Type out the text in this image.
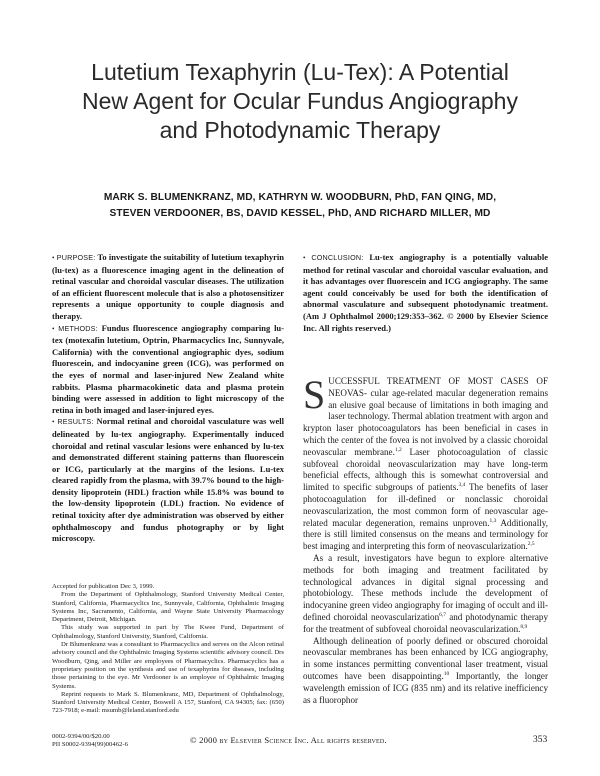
Lutetium Texaphyrin (Lu-Tex): A Potential
New Agent for Ocular Fundus Angiography
and Photodynamic Therapy
MARK S. BLUMENKRANZ, MD, KATHRYN W. WOODBURN, PhD, FAN QING, MD,
STEVEN VERDOONER, BS, DAVID KESSEL, PhD, AND RICHARD MILLER, MD

• PURPOSE: To investigate the suitability of lutetium texaphyrin (lu-tex) as a fluorescence imaging agent in the delineation of retinal vascular and choroidal vascular diseases. The utilization of an efficient fluorescent molecule that is also a photosensitizer represents a unique opportunity to couple diagnosis and therapy.

• METHODS: Fundus fluorescence angiography comparing lu-tex (motexafin lutetium, Optrin, Pharmacyclics Inc, Sunnyvale, California) with the conventional angiographic dyes, sodium fluorescein, and indocyanine green (ICG), was performed on the eyes of normal and laser-injured New Zealand white rabbits. Plasma pharmacokinetic data and plasma protein binding were assessed in addition to light microscopy of the retina in both imaged and laser-injured eyes.

• RESULTS: Normal retinal and choroidal vasculature was well delineated by lu-tex angiography. Experimentally induced choroidal and retinal vascular lesions were enhanced by lu-tex and demonstrated different staining patterns than fluorescein or ICG, particularly at the margins of the lesions. Lu-tex cleared rapidly from the plasma, with 39.7% bound to the high-density lipoprotein (HDL) fraction while 15.8% was bound to the low-density lipoprotein (LDL) fraction. No evidence of retinal toxicity after dye administration was observed by either ophthalmoscopy and fundus photography or by light microscopy.

Accepted for publication Dec 3, 1999.

From the Department of Ophthalmology, Stanford University Medical Center, Stanford, California, Pharmacyclics Inc, Sunnyvale, California, Ophthalmic Imaging Systems Inc, Sacramento, California, and Wayne State University Pharmacology Department, Detroit, Michigan.

This study was supported in part by The Kwee Fund, Department of Ophthalmology, Stanford University, Stanford, California.

Dr Blumenkranz was a consultant to Pharmacyclics and serves on the Alcon retinal advisory council and the Ophthalmic Imaging Systems scientific advisory council. Drs Woodburn, Qing, and Miller are employees of Pharmacyclics. Pharmacyclics has a proprietary position on the synthesis and use of texaphyrins for diseases, including those pertaining to the eye. Mr Verdooner is an employee of Ophthalmic Imaging Systems.

Reprint requests to Mark S. Blumenkranz, MD, Department of Ophthalmology, Stanford University Medical Center, Boswell A 157, Stanford, CA 94305; fax: (650) 723-7918; e-mail: msumb@leland.stanford.edu

• CONCLUSION: Lu-tex angiography is a potentially valuable method for retinal vascular and choroidal vascular evaluation, and it has advantages over fluorescein and ICG angiography. The same agent could conceivably be used for both the identification of abnormal vasculature and subsequent photodynamic treatment. (Am J Ophthalmol 2000;129:353–362. © 2000 by Elsevier Science Inc. All rights reserved.)

SUCCESSFUL TREATMENT OF MOST CASES OF NEOVAS- cular age-related macular degeneration remains an elusive goal because of limitations in both imaging and laser technology. Thermal ablation treatment with argon and krypton laser photocoagulators has been beneficial in cases in which the center of the fovea is not involved by a classic choroidal neovascular membrane.$^{1,2}$ Laser photocoagulation of classic subfoveal choroidal neovascularization may have long-term beneficial effects, although this is somewhat controversial and limited to specific subgroups of patients.$^{3,4}$ The benefits of laser photocoagulation for ill-defined or nonclassic choroidal neovascularization, the most common form of neovascular age-related macular degeneration, remains unproven.$^{1,3}$ Additionally, there is still limited consensus on the means and terminology for best imaging and interpreting this form of neovascularization.$^{2,5}$

As a result, investigators have begun to explore alternative methods for both imaging and treatment facilitated by technological advances in digital signal processing and photobiology. These methods include the development of indocyanine green video angiography for imaging of occult and ill-defined choroidal neovascularization$^{6,7}$ and photodynamic therapy for the treatment of subfoveal choroidal neovascularization.$^{8,9}$

Although delineation of poorly defined or obscured choroidal neovascular membranes has been enhanced by ICG angiography, in some instances permitting conventional laser treatment, visual outcomes have been disappointing.$^{10}$ Importantly, the longer wavelength emission of ICG (835 nm) and its relative inefficiency as a fluorophor

0002-9394/00/$20.00
PII S0002-9394(99)00462-6	© 2000 by Elsevier Science Inc. All rights reserved.	353
